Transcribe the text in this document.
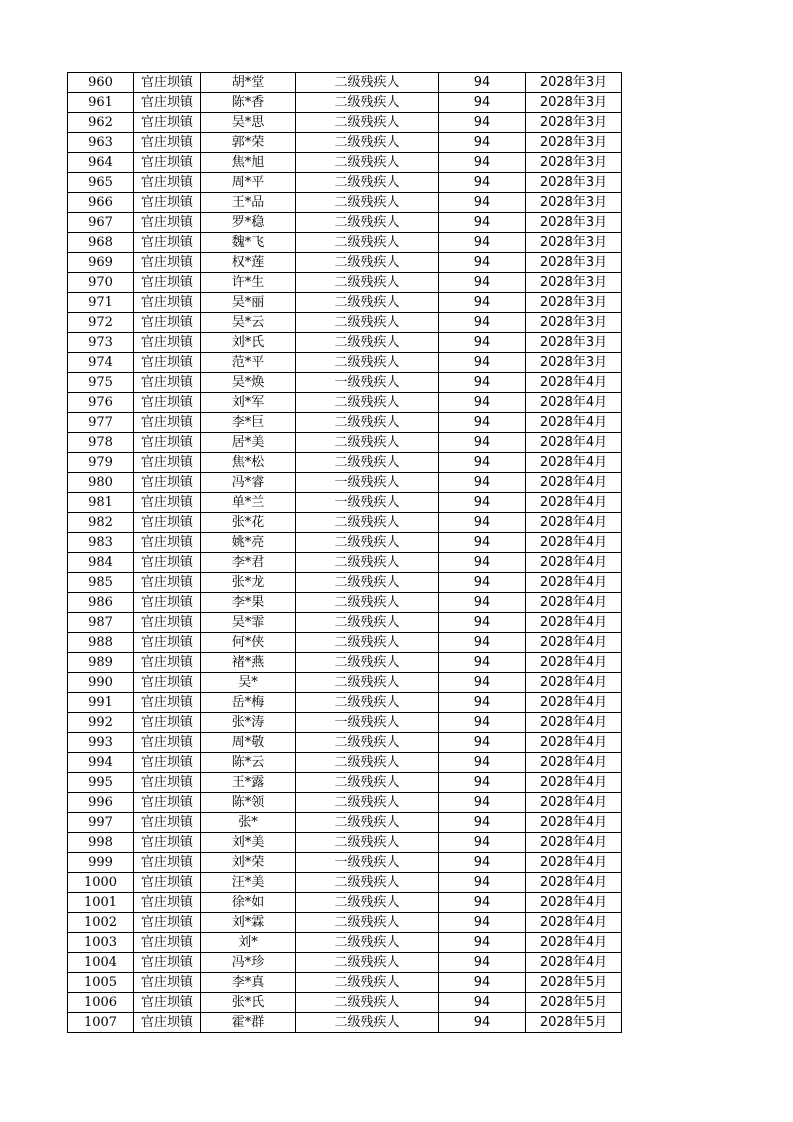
960	官庄坝镇	胡*堂	二级残疾人	94	2028年3月
961	官庄坝镇	陈*香	二级残疾人	94	2028年3月
962	官庄坝镇	吴*思	二级残疾人	94	2028年3月
963	官庄坝镇	郭*荣	二级残疾人	94	2028年3月
964	官庄坝镇	焦*旭	二级残疾人	94	2028年3月
965	官庄坝镇	周*平	二级残疾人	94	2028年3月
966	官庄坝镇	王*品	二级残疾人	94	2028年3月
967	官庄坝镇	罗*稳	二级残疾人	94	2028年3月
968	官庄坝镇	魏*飞	二级残疾人	94	2028年3月
969	官庄坝镇	权*莲	二级残疾人	94	2028年3月
970	官庄坝镇	许*生	二级残疾人	94	2028年3月
971	官庄坝镇	吴*丽	二级残疾人	94	2028年3月
972	官庄坝镇	吴*云	二级残疾人	94	2028年3月
973	官庄坝镇	刘*氏	二级残疾人	94	2028年3月
974	官庄坝镇	范*平	二级残疾人	94	2028年3月
975	官庄坝镇	吴*焕	一级残疾人	94	2028年4月
976	官庄坝镇	刘*军	二级残疾人	94	2028年4月
977	官庄坝镇	李*巨	二级残疾人	94	2028年4月
978	官庄坝镇	居*美	二级残疾人	94	2028年4月
979	官庄坝镇	焦*松	二级残疾人	94	2028年4月
980	官庄坝镇	冯*睿	一级残疾人	94	2028年4月
981	官庄坝镇	单*兰	一级残疾人	94	2028年4月
982	官庄坝镇	张*花	二级残疾人	94	2028年4月
983	官庄坝镇	姚*亮	二级残疾人	94	2028年4月
984	官庄坝镇	李*君	二级残疾人	94	2028年4月
985	官庄坝镇	张*龙	二级残疾人	94	2028年4月
986	官庄坝镇	李*果	二级残疾人	94	2028年4月
987	官庄坝镇	吴*霏	二级残疾人	94	2028年4月
988	官庄坝镇	何*侠	二级残疾人	94	2028年4月
989	官庄坝镇	褚*燕	二级残疾人	94	2028年4月
990	官庄坝镇	吴*	二级残疾人	94	2028年4月
991	官庄坝镇	岳*梅	二级残疾人	94	2028年4月
992	官庄坝镇	张*涛	一级残疾人	94	2028年4月
993	官庄坝镇	周*敬	二级残疾人	94	2028年4月
994	官庄坝镇	陈*云	二级残疾人	94	2028年4月
995	官庄坝镇	王*露	二级残疾人	94	2028年4月
996	官庄坝镇	陈*领	二级残疾人	94	2028年4月
997	官庄坝镇	张*	二级残疾人	94	2028年4月
998	官庄坝镇	刘*美	二级残疾人	94	2028年4月
999	官庄坝镇	刘*荣	一级残疾人	94	2028年4月
1000	官庄坝镇	汪*美	二级残疾人	94	2028年4月
1001	官庄坝镇	徐*如	二级残疾人	94	2028年4月
1002	官庄坝镇	刘*霖	二级残疾人	94	2028年4月
1003	官庄坝镇	刘*	二级残疾人	94	2028年4月
1004	官庄坝镇	冯*珍	二级残疾人	94	2028年4月
1005	官庄坝镇	李*真	二级残疾人	94	2028年5月
1006	官庄坝镇	张*氏	二级残疾人	94	2028年5月
1007	官庄坝镇	霍*群	二级残疾人	94	2028年5月
